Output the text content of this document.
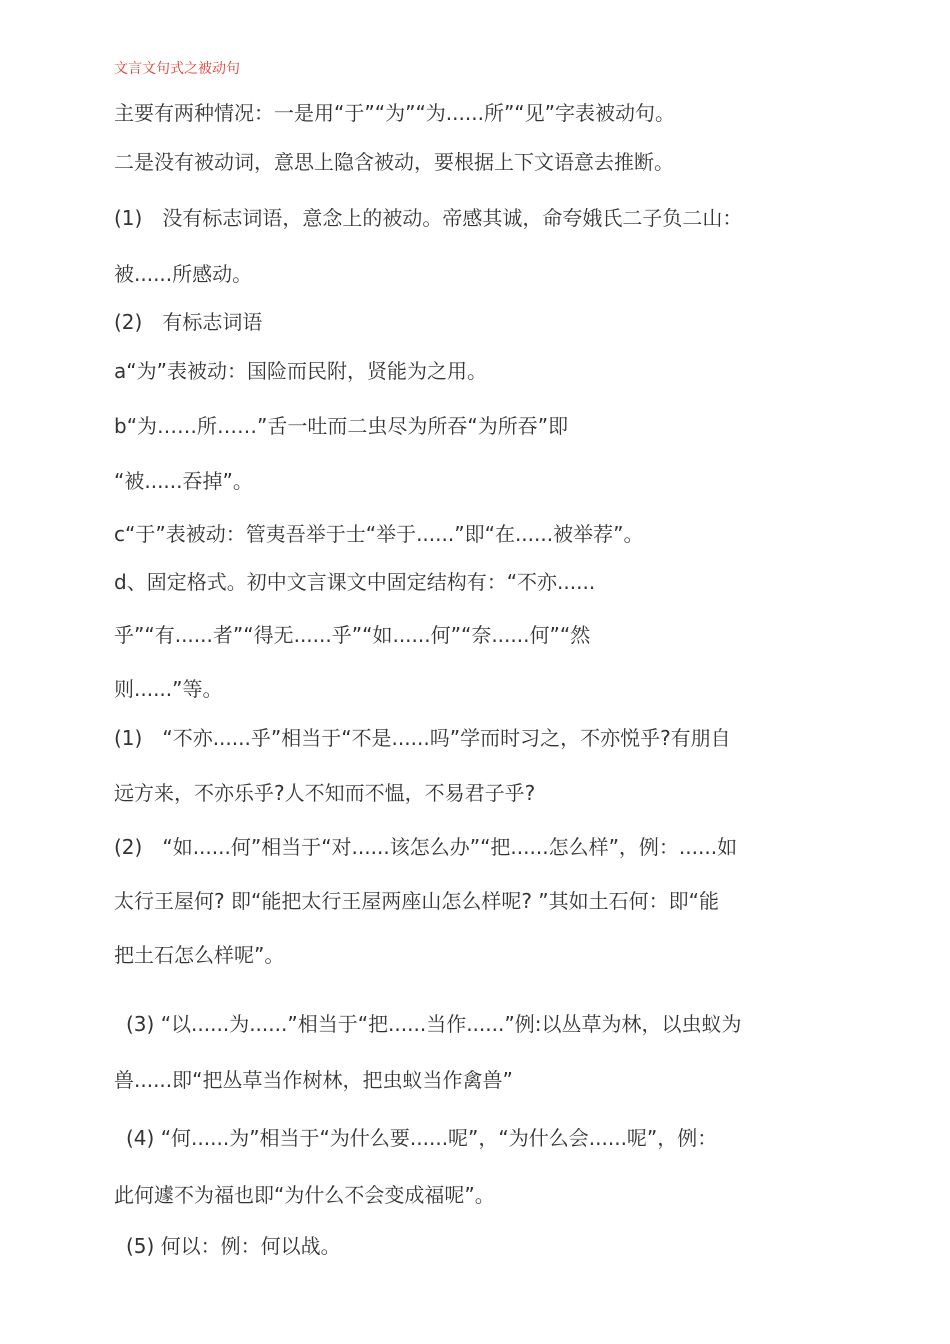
文言文句式之被动句
主要有两种情况：一是用“于”“为”“为......所”“见”字表被动句。
二是没有被动词，意思上隐含被动，要根据上下文语意去推断。
(1)　没有标志词语，意念上的被动。帝感其诚，命夸娥氏二子负二山：
被......所感动。
(2)　有标志词语
a“为”表被动：国险而民附，贤能为之用。
b“为……所……”舌一吐而二虫尽为所吞“为所吞”即
“被......吞掉”。
c“于”表被动：管夷吾举于士“举于......”即“在......被举荐”。
d、固定格式。初中文言课文中固定结构有：“不亦......
乎”“有......者”“得无......乎”“如......何”“奈......何”“然
则......”等。
(1)　“不亦......乎”相当于“不是......吗”学而时习之，不亦悦乎?有朋自
远方来，不亦乐乎?人不知而不愠，不易君子乎?
(2)　“如......何”相当于“对......该怎么办”“把......怎么样”，例：......如
太行王屋何? 即“能把太行王屋两座山怎么样呢? ”其如土石何：即“能
把土石怎么样呢”。
(3) “以......为......”相当于“把......当作......”例:以丛草为林，以虫蚁为
兽......即“把丛草当作树林，把虫蚁当作禽兽”
(4) “何......为”相当于“为什么要......呢”，“为什么会......呢”，例：
此何遽不为福也即“为什么不会变成福呢”。
(5) 何以：例：何以战。
